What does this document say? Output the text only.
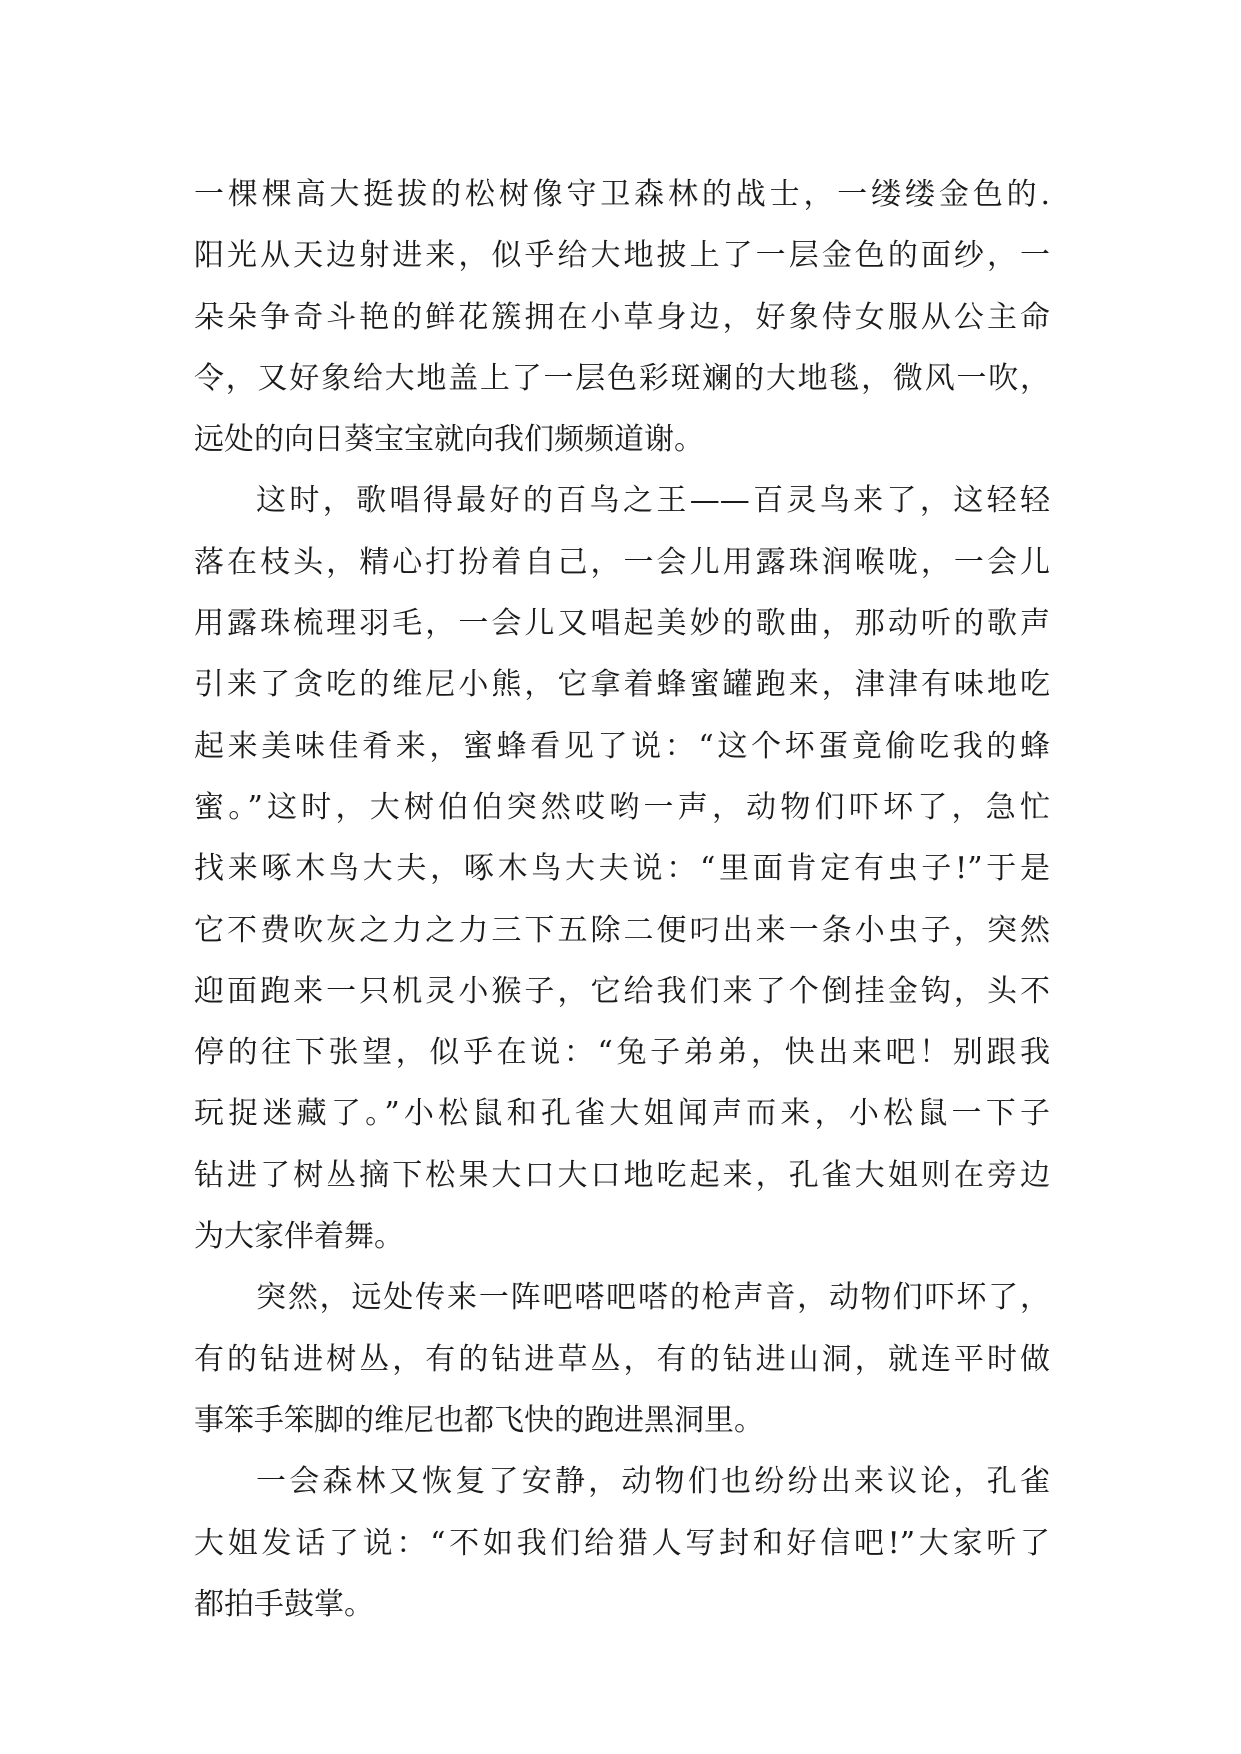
一棵棵高大挺拔的松树像守卫森林的战士，一缕缕金色的.
阳光从天边射进来，似乎给大地披上了一层金色的面纱，一
朵朵争奇斗艳的鲜花簇拥在小草身边，好象侍女服从公主命
令，又好象给大地盖上了一层色彩斑斓的大地毯，微风一吹，
远处的向日葵宝宝就向我们频频道谢。
这时，歌唱得最好的百鸟之王——百灵鸟来了，这轻轻
落在枝头，精心打扮着自己，一会儿用露珠润喉咙，一会儿
用露珠梳理羽毛，一会儿又唱起美妙的歌曲，那动听的歌声
引来了贪吃的维尼小熊，它拿着蜂蜜罐跑来，津津有味地吃
起来美味佳肴来，蜜蜂看见了说：“这个坏蛋竟偷吃我的蜂
蜜。”这时，大树伯伯突然哎哟一声，动物们吓坏了，急忙
找来啄木鸟大夫，啄木鸟大夫说：“里面肯定有虫子!”于是
它不费吹灰之力之力三下五除二便叼出来一条小虫子，突然
迎面跑来一只机灵小猴子，它给我们来了个倒挂金钩，头不
停的往下张望，似乎在说：“兔子弟弟，快出来吧！别跟我
玩捉迷藏了。”小松鼠和孔雀大姐闻声而来，小松鼠一下子
钻进了树丛摘下松果大口大口地吃起来，孔雀大姐则在旁边
为大家伴着舞。
突然，远处传来一阵吧嗒吧嗒的枪声音，动物们吓坏了，
有的钻进树丛，有的钻进草丛，有的钻进山洞，就连平时做
事笨手笨脚的维尼也都飞快的跑进黑洞里。
一会森林又恢复了安静，动物们也纷纷出来议论，孔雀
大姐发话了说：“不如我们给猎人写封和好信吧!”大家听了
都拍手鼓掌。
